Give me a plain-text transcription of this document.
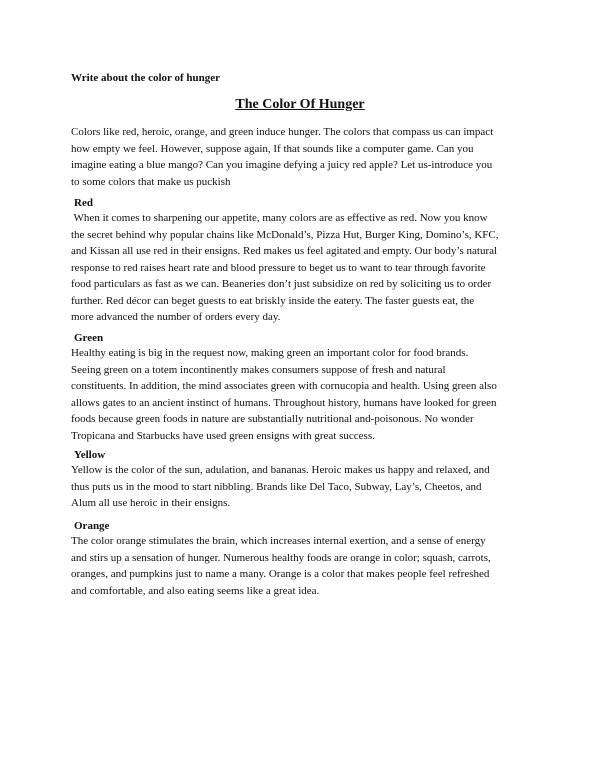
Write about the color of hunger
The Color Of Hunger

Colors like red, heroic, orange, and green induce hunger. The colors that compass us can impact
how empty we feel. However, suppose again, If that sounds like a computer game. Can you
imagine eating a blue mango? Can you imagine defying a juicy red apple? Let us-introduce you
to some colors that make us puckish

Red

When it comes to sharpening our appetite, many colors are as effective as red. Now you know
the secret behind why popular chains like McDonald’s, Pizza Hut, Burger King, Domino’s, KFC,
and Kissan all use red in their ensigns. Red makes us feel agitated and empty. Our body’s natural
response to red raises heart rate and blood pressure to beget us to want to tear through favorite
food particulars as fast as we can. Beaneries don’t just subsidize on red by soliciting us to order
further. Red décor can beget guests to eat briskly inside the eatery. The faster guests eat, the
more advanced the number of orders every day.

Green

Healthy eating is big in the request now, making green an important color for food brands.
Seeing green on a totem incontinently makes consumers suppose of fresh and natural
constituents. In addition, the mind associates green with cornucopia and health. Using green also
allows gates to an ancient instinct of humans. Throughout history, humans have looked for green
foods because green foods in nature are substantially nutritional and-poisonous. No wonder
Tropicana and Starbucks have used green ensigns with great success.

Yellow

Yellow is the color of the sun, adulation, and bananas. Heroic makes us happy and relaxed, and
thus puts us in the mood to start nibbling. Brands like Del Taco, Subway, Lay’s, Cheetos, and
Alum all use heroic in their ensigns.

Orange

The color orange stimulates the brain, which increases internal exertion, and a sense of energy
and stirs up a sensation of hunger. Numerous healthy foods are orange in color; squash, carrots,
oranges, and pumpkins just to name a many. Orange is a color that makes people feel refreshed
and comfortable, and also eating seems like a great idea.
